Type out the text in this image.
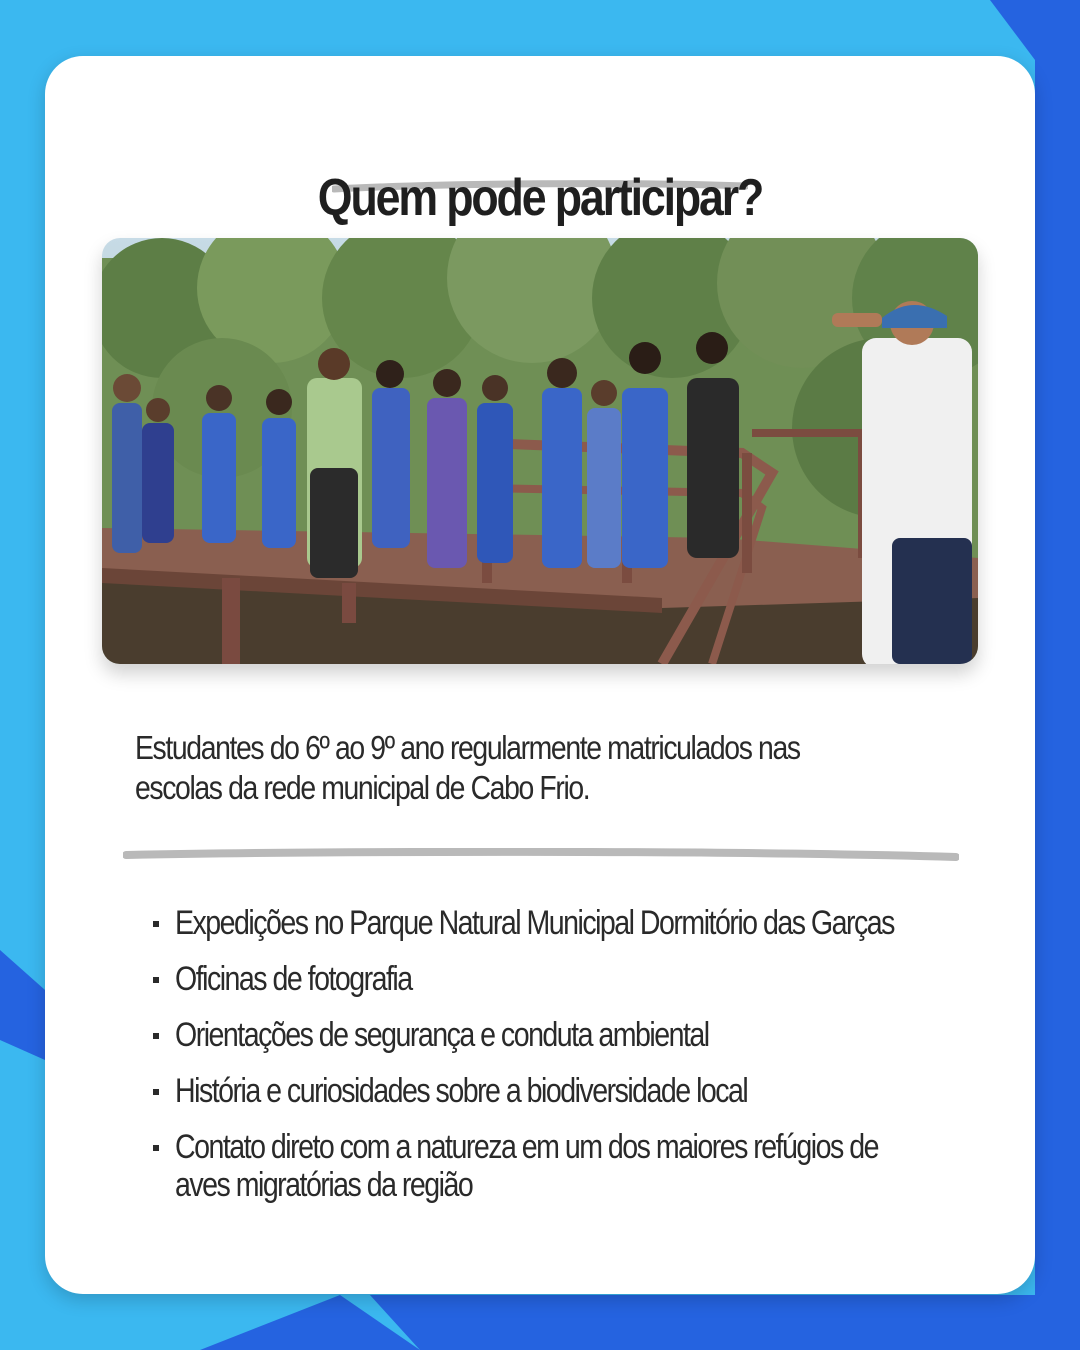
Quem pode participar?

Estudantes do 6º ao 9º ano regularmente matriculados nas escolas da rede municipal de Cabo Frio.

Expedições no Parque Natural Municipal Dormitório das Garças
Oficinas de fotografia
Orientações de segurança e conduta ambiental
História e curiosidades sobre a biodiversidade local
Contato direto com a natureza em um dos maiores refúgios de aves migratórias da região
